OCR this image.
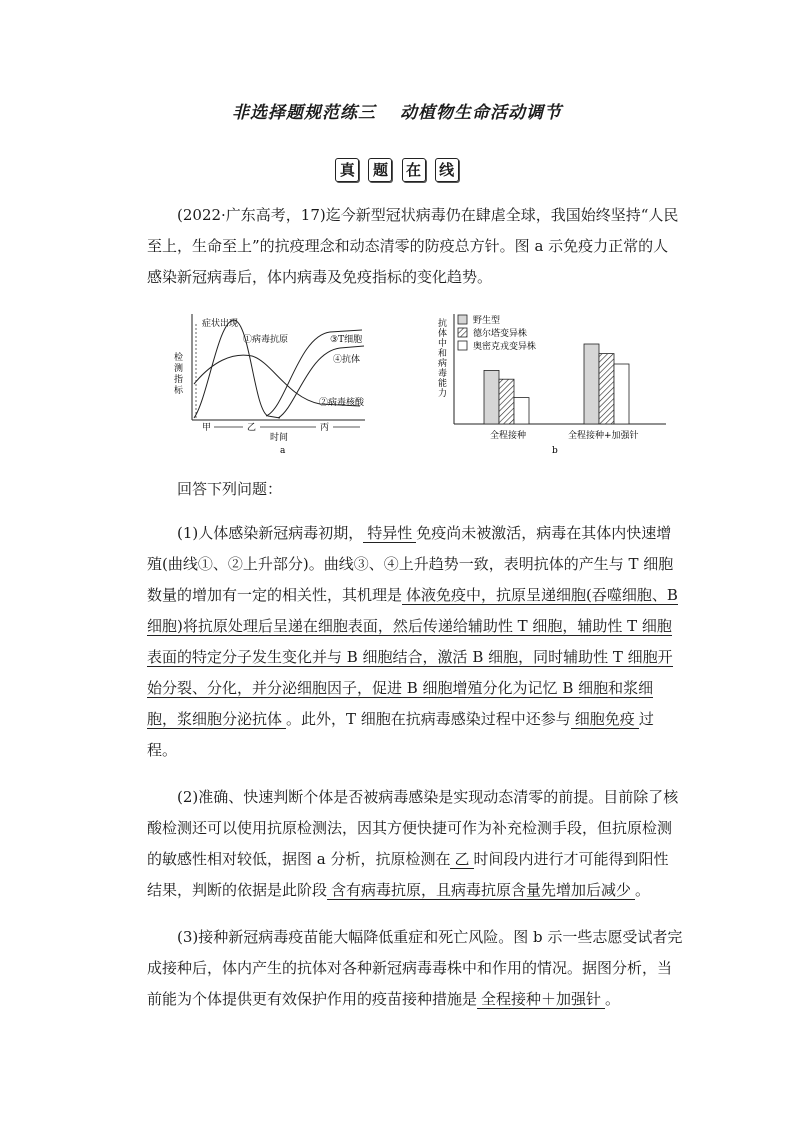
非选择题规范练三 动植物生命活动调节
真 题 在 线

(2022·广东高考，17)迄今新型冠状病毒仍在肆虐全球，我国始终坚持“人民至上，生命至上”的抗疫理念和动态清零的防疫总方针。图 a 示免疫力正常的人感染新冠病毒后，体内病毒及免疫指标的变化趋势。

检
测
指
标
症状出现
①病毒抗原	③T细胞
④抗体
②病毒核酸
甲	乙	丙
时间
a
抗
体
中
和
病
毒
能
力
野生型
德尔塔变异株
奥密克戎变异株
全程接种	全程接种+加强针
b

回答下列问题：

(1)人体感染新冠病毒初期， 特异性 免疫尚未被激活，病毒在其体内快速增殖(曲线①、②上升部分)。曲线③、④上升趋势一致，表明抗体的产生与 T 细胞数量的增加有一定的相关性，其机理是 体液免疫中，抗原呈递细胞(吞噬细胞、B 细胞)将抗原处理后呈递在细胞表面，然后传递给辅助性 T 细胞，辅助性 T 细胞表面的特定分子发生变化并与 B 细胞结合，激活 B 细胞，同时辅助性 T 细胞开始分裂、分化，并分泌细胞因子，促进 B 细胞增殖分化为记忆 B 细胞和浆细胞，浆细胞分泌抗体 。此外，T 细胞在抗病毒感染过程中还参与 细胞免疫 过程。

(2)准确、快速判断个体是否被病毒感染是实现动态清零的前提。目前除了核酸检测还可以使用抗原检测法，因其方便快捷可作为补充检测手段，但抗原检测的敏感性相对较低，据图 a 分析，抗原检测在 乙 时间段内进行才可能得到阳性结果，判断的依据是此阶段 含有病毒抗原，且病毒抗原含量先增加后减少 。

(3)接种新冠病毒疫苗能大幅降低重症和死亡风险。图 b 示一些志愿受试者完成接种后，体内产生的抗体对各种新冠病毒毒株中和作用的情况。据图分析，当前能为个体提供更有效保护作用的疫苗接种措施是 全程接种＋加强针 。
